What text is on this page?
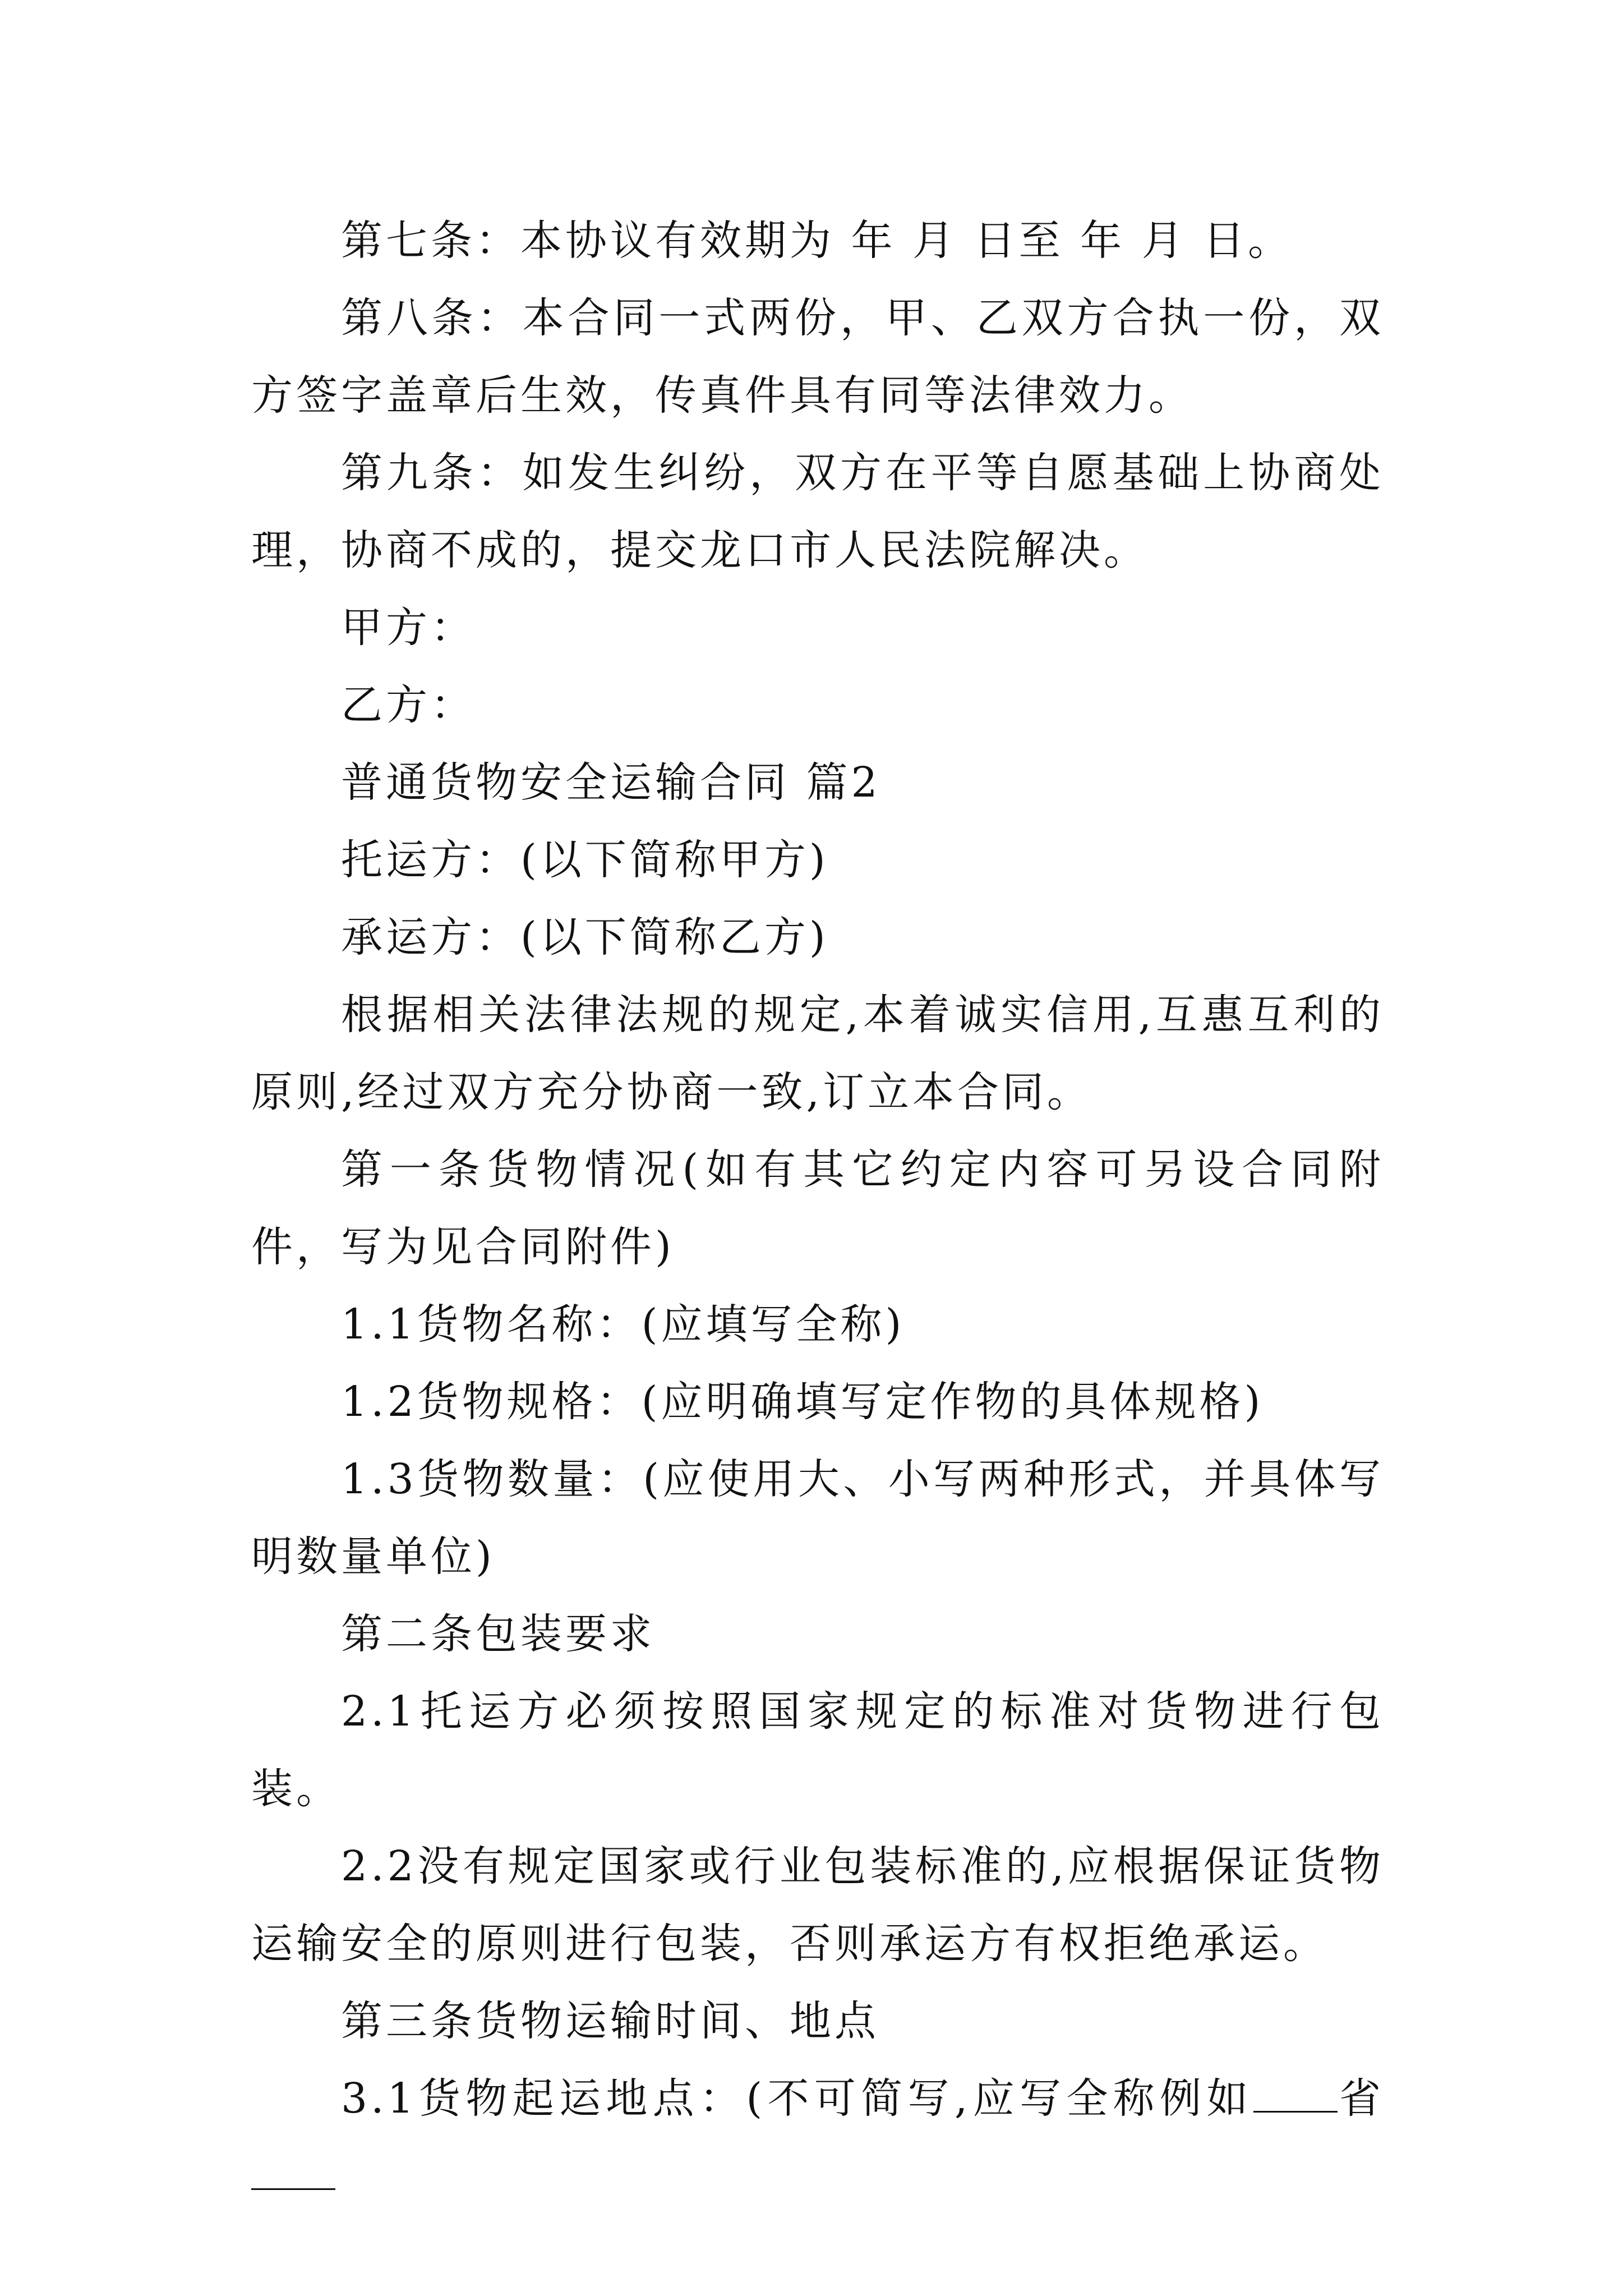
第七条：本协议有效期为 年 月 日至 年 月 日。

第八条：本合同一式两份，甲、乙双方合执一份，双方签字盖章后生效，传真件具有同等法律效力。

第九条：如发生纠纷，双方在平等自愿基础上协商处理，协商不成的，提交龙口市人民法院解决。

甲方：

乙方：

普通货物安全运输合同 篇2

托运方：(以下简称甲方)

承运方：(以下简称乙方)

根据相关法律法规的规定,本着诚实信用,互惠互利的原则,经过双方充分协商一致,订立本合同。

第一条货物情况(如有其它约定内容可另设合同附件，写为见合同附件)

1.1货物名称：(应填写全称)

1.2货物规格：(应明确填写定作物的具体规格)

1.3货物数量：(应使用大、小写两种形式，并具体写明数量单位)

第二条包装要求

2.1托运方必须按照国家规定的标准对货物进行包装。

2.2没有规定国家或行业包装标准的,应根据保证货物运输安全的原则进行包装，否则承运方有权拒绝承运。

第三条货物运输时间、地点

3.1货物起运地点：(不可简写,应写全称例如 省
